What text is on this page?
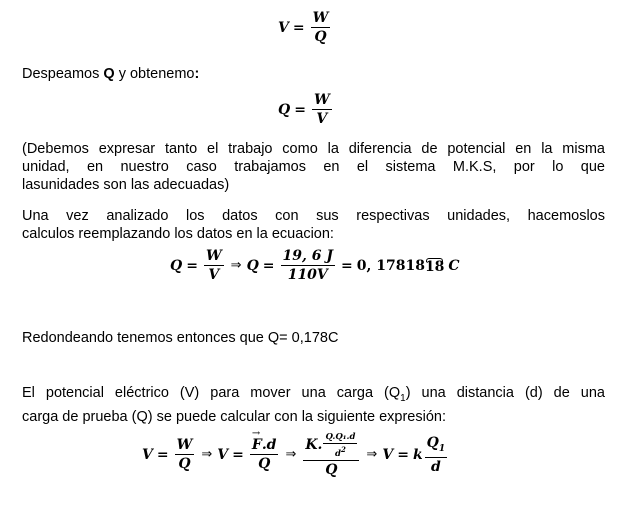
$V = \frac{W}{Q}$
Despeamos Q y obtenemo:
$Q = \frac{W}{V}$
(Debemos expresar tanto el trabajo como la diferencia de potencial en la misma
unidad, en nuestro caso trabajamos en el sistema M.K.S, por lo que
lasunidades son las adecuadas)
Una vez analizado los datos con sus respectivas unidades, hacemoslos
calculos reemplazando los datos en la ecuacion:
$Q = \frac{W}{V}$ ⇒ $Q = \frac{19, 6 J}{110V} = 0$, 17818 18 C
Redondeando tenemos entonces que Q= 0,178C
El potencial eléctrico (V) para mover una carga $(Q_1)$ una distancia (d) de una
carga de prueba (Q) se puede calcular con la siguiente expresión:
$V = \frac{W}{Q}$ ⇒ V =
→ $\frac{F.d}{Q}$ ⇒ $\frac{K. \frac{\text{Q.Q₁.d}}{d^2}}{Q}$ ⇒ V = k $\frac{Q_1}{d}$
